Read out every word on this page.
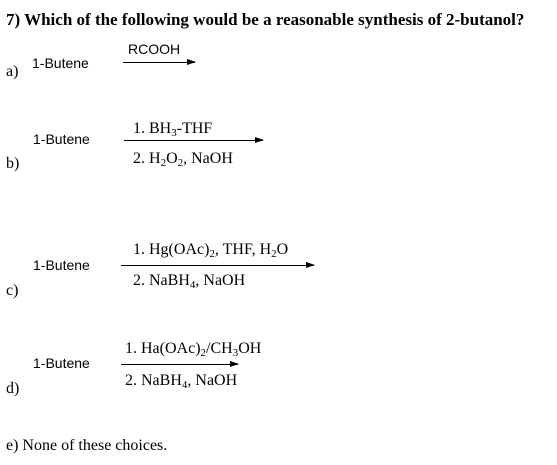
7) Which of the following would be a reasonable synthesis of 2-butanol?
a) 1-Butene
RCOOH
b)
1-Butene
1. $BH_3$-THF
2. $H_2O_2$, NaOH
c)
1-Butene
1. $Hg(OAc)_2$, THF, $H_2O$
2. NaBH$_4$, NaOH
d)
1-Butene
1. $Ha(OAc)_2/CH_3OH$
2. NaBH$_4$, NaOH
e) None of these choices.
